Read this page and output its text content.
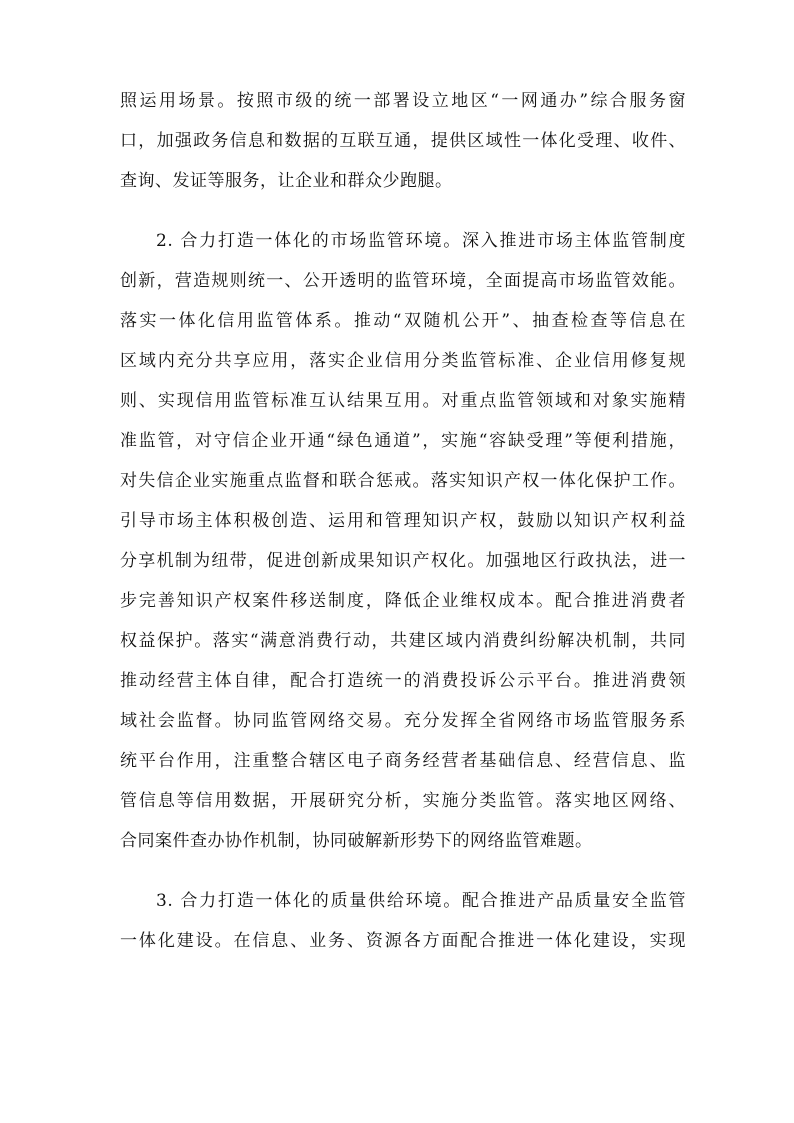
照运用场景。按照市级的统一部署设立地区“一网通办”综合服务窗
口，加强政务信息和数据的互联互通，提供区域性一体化受理、收件、
查询、发证等服务，让企业和群众少跑腿。
2. 合力打造一体化的市场监管环境。深入推进市场主体监管制度
创新，营造规则统一、公开透明的监管环境，全面提高市场监管效能。
落实一体化信用监管体系。推动“双随机公开”、抽查检查等信息在
区域内充分共享应用，落实企业信用分类监管标准、企业信用修复规
则、实现信用监管标准互认结果互用。对重点监管领域和对象实施精
准监管，对守信企业开通“绿色通道”，实施“容缺受理”等便利措施，
对失信企业实施重点监督和联合惩戒。落实知识产权一体化保护工作。
引导市场主体积极创造、运用和管理知识产权，鼓励以知识产权利益
分享机制为纽带，促进创新成果知识产权化。加强地区行政执法，进一
步完善知识产权案件移送制度，降低企业维权成本。配合推进消费者
权益保护。落实“满意消费行动，共建区域内消费纠纷解决机制，共同
推动经营主体自律，配合打造统一的消费投诉公示平台。推进消费领
域社会监督。协同监管网络交易。充分发挥全省网络市场监管服务系
统平台作用，注重整合辖区电子商务经营者基础信息、经营信息、监
管信息等信用数据，开展研究分析，实施分类监管。落实地区网络、
合同案件查办协作机制，协同破解新形势下的网络监管难题。
3. 合力打造一体化的质量供给环境。配合推进产品质量安全监管
一体化建设。在信息、业务、资源各方面配合推进一体化建设，实现
